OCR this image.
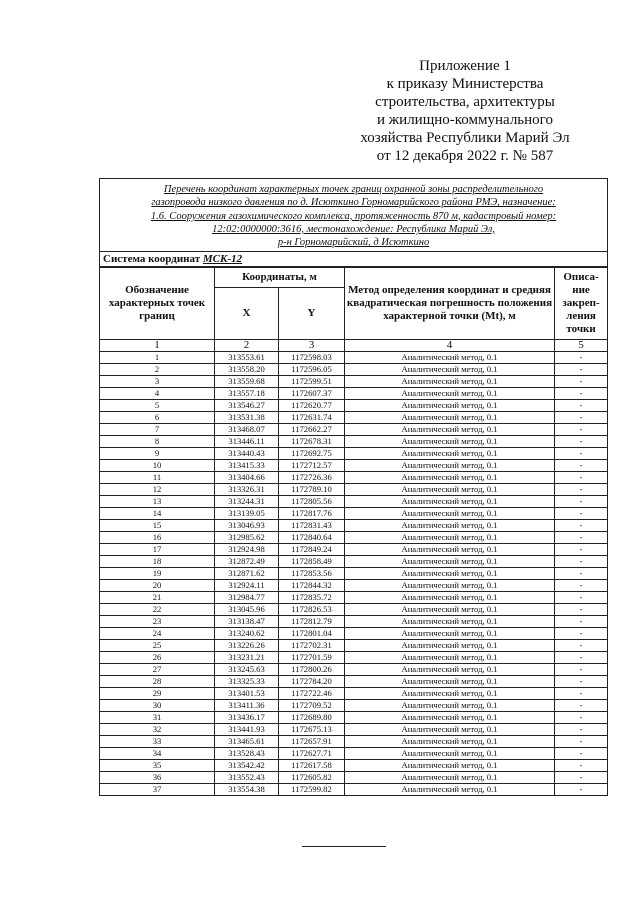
Приложение 1
к приказу Министерства
строительства, архитектуры
и жилищно-коммунального
хозяйства Республики Марий Эл
от 12 декабря 2022 г. № 587
Перечень координат характерных точек границ охранной зоны распределительного
газопровода низкого давления по д. Исюткино Горномарийского района РМЭ, назначение:
1.6. Сооружения газохимического комплекса, протяженность 870 м, кадастровый номер:
12:02:0000000:3616, местонахождение: Республика Марий Эл,
р-н Горномарийский, д Исюткино				

Система координат МСК-12				
Обозначение характерных точек границ	Координаты, м		Метод определения координат и средняя квадратическая погрешность положения характерной точки (Mt), м	Описа-ние закреп-ления точки
	X	Y		
1	2	3	4	5
1	313553.61	1172598.03	Аналитический метод, 0.1	-
2	313558.20	1172596.05	Аналитический метод, 0.1	-
3	313559.68	1172599.51	Аналитический метод, 0.1	-
4	313557.18	1172607.37	Аналитический метод, 0.1	-
5	313546.27	1172620.77	Аналитический метод, 0.1	-
6	313531.38	1172631.74	Аналитический метод, 0.1	-
7	313468.07	1172662.27	Аналитический метод, 0.1	-
8	313446.11	1172678.31	Аналитический метод, 0.1	-
9	313440.43	1172692.75	Аналитический метод, 0.1	-
10	313415.33	1172712.57	Аналитический метод, 0.1	-
11	313404.66	1172726.36	Аналитический метод, 0.1	-
12	313326.31	1172789.10	Аналитический метод, 0.1	-
13	313244.31	1172805.56	Аналитический метод, 0.1	-
14	313139.05	1172817.76	Аналитический метод, 0.1	-
15	313046.93	1172831.43	Аналитический метод, 0.1	-
16	312985.62	1172840.64	Аналитический метод, 0.1	-
17	312924.98	1172849.24	Аналитический метод, 0.1	-
18	312872.49	1172858.49	Аналитический метод, 0.1	-
19	312871.62	1172853.56	Аналитический метод, 0.1	-
20	312924.11	1172844.32	Аналитический метод, 0.1	-
21	312984.77	1172835.72	Аналитический метод, 0.1	-
22	313045.96	1172826.53	Аналитический метод, 0.1	-
23	313138.47	1172812.79	Аналитический метод, 0.1	-
24	313240.62	1172801.04	Аналитический метод, 0.1	-
25	313226.26	1172702.31	Аналитический метод, 0.1	-
26	313231.21	1172701.59	Аналитический метод, 0.1	-
27	313245.63	1172800.26	Аналитический метод, 0.1	-
28	313325.33	1172784.20	Аналитический метод, 0.1	-
29	313401.53	1172722.46	Аналитический метод, 0.1	-
30	313411.36	1172709.52	Аналитический метод, 0.1	-
31	313436.17	1172689.80	Аналитический метод, 0.1	-
32	313441.93	1172675.13	Аналитический метод, 0.1	-
33	313465.61	1172657.91	Аналитический метод, 0.1	-
34	313528.43	1172627.71	Аналитический метод, 0.1	-
35	313542.42	1172617.58	Аналитический метод, 0.1	-
36	313552.43	1172605.82	Аналитический метод, 0.1	-
37	313554.38	1172599.82	Аналитический метод, 0.1	-
